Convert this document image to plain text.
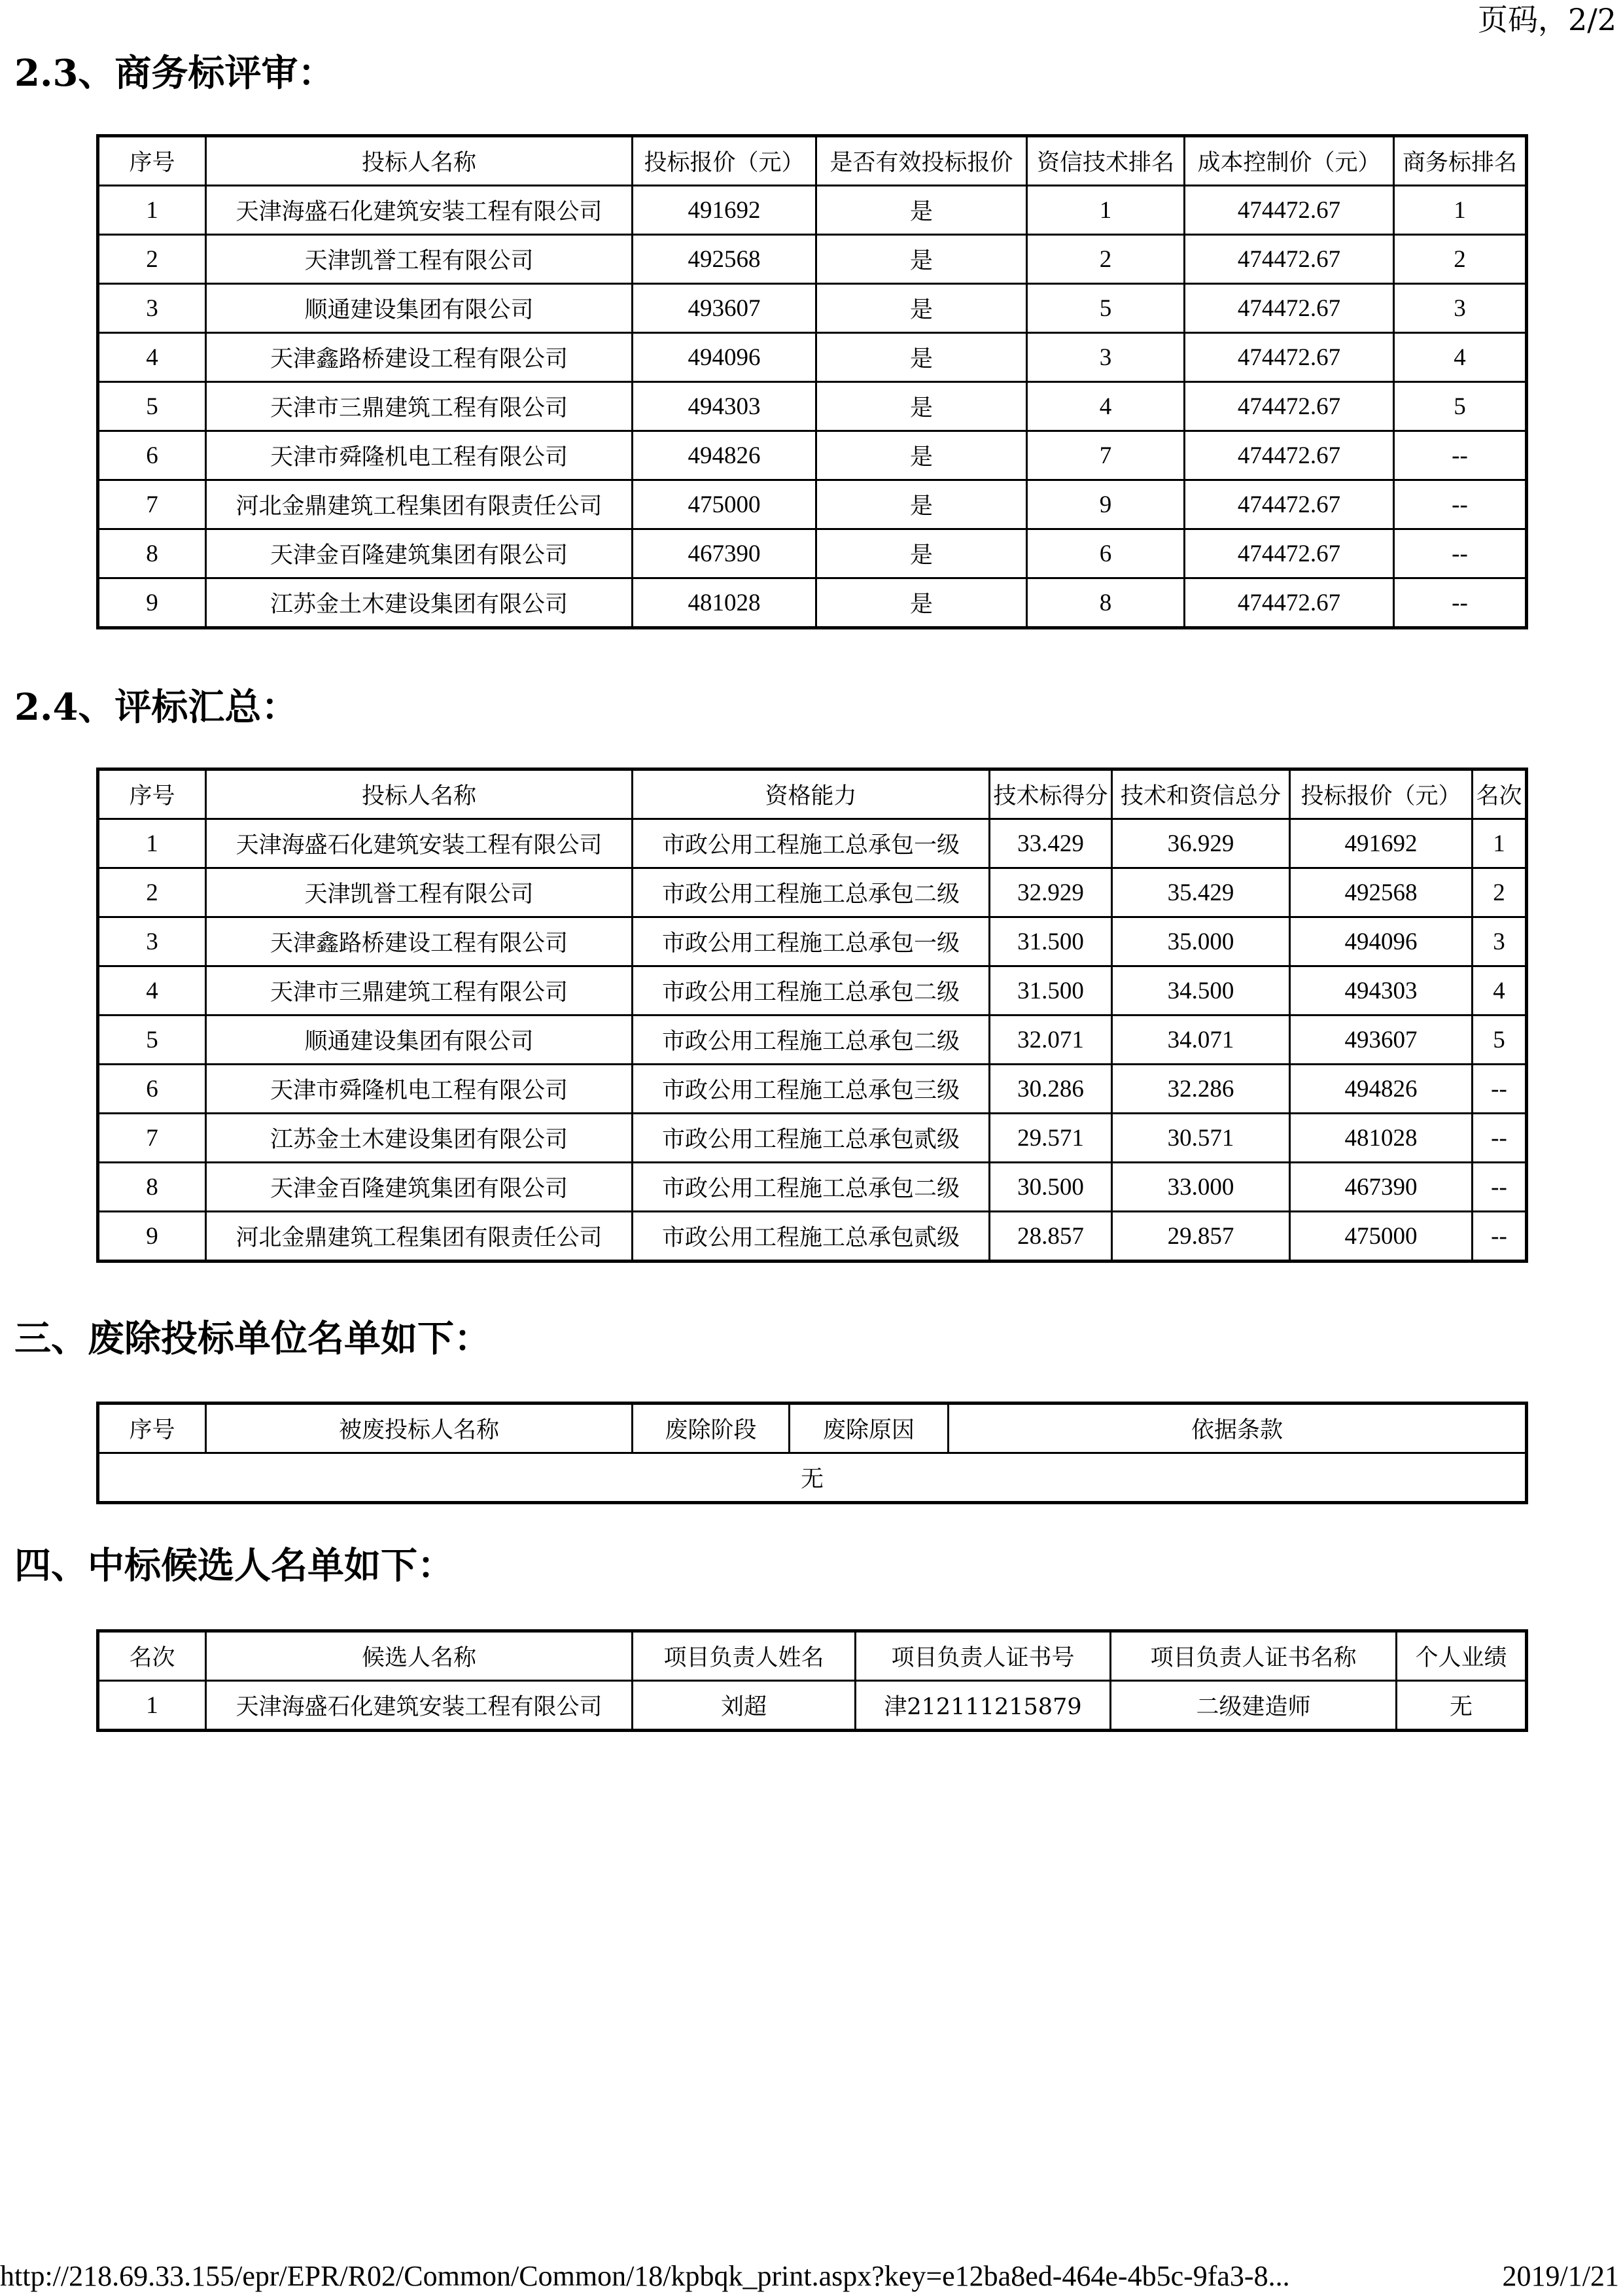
页码，2/2
2.3、商务标评审：
序号	投标人名称	投标报价（元）	是否有效投标报价	资信技术排名	成本控制价（元）	商务标排名
1	天津海盛石化建筑安装工程有限公司	491692	是	1	474472.67	1
2	天津凯誉工程有限公司	492568	是	2	474472.67	2
3	顺通建设集团有限公司	493607	是	5	474472.67	3
4	天津鑫路桥建设工程有限公司	494096	是	3	474472.67	4
5	天津市三鼎建筑工程有限公司	494303	是	4	474472.67	5
6	天津市舜隆机电工程有限公司	494826	是	7	474472.67	--
7	河北金鼎建筑工程集团有限责任公司	475000	是	9	474472.67	--
8	天津金百隆建筑集团有限公司	467390	是	6	474472.67	--
9	江苏金土木建设集团有限公司	481028	是	8	474472.67	--
2.4、评标汇总：
序号	投标人名称	资格能力	技术标得分	技术和资信总分	投标报价（元）	名次
1	天津海盛石化建筑安装工程有限公司	市政公用工程施工总承包一级	33.429	36.929	491692	1
2	天津凯誉工程有限公司	市政公用工程施工总承包二级	32.929	35.429	492568	2
3	天津鑫路桥建设工程有限公司	市政公用工程施工总承包一级	31.500	35.000	494096	3
4	天津市三鼎建筑工程有限公司	市政公用工程施工总承包二级	31.500	34.500	494303	4
5	顺通建设集团有限公司	市政公用工程施工总承包二级	32.071	34.071	493607	5
6	天津市舜隆机电工程有限公司	市政公用工程施工总承包三级	30.286	32.286	494826	--
7	江苏金土木建设集团有限公司	市政公用工程施工总承包贰级	29.571	30.571	481028	--
8	天津金百隆建筑集团有限公司	市政公用工程施工总承包二级	30.500	33.000	467390	--
9	河北金鼎建筑工程集团有限责任公司	市政公用工程施工总承包贰级	28.857	29.857	475000	--
三、废除投标单位名单如下：
序号	被废投标人名称	废除阶段	废除原因	依据条款
无
四、中标候选人名单如下：
名次	候选人名称	项目负责人姓名	项目负责人证书号	项目负责人证书名称	个人业绩
1	天津海盛石化建筑安装工程有限公司	刘超	津212111215879	二级建造师	无
http://218.69.33.155/epr/EPR/R02/Common/Common/18/kpbqk_print.aspx?key=e12ba8ed-464e-4b5c-9fa3-8...	2019/1/21
